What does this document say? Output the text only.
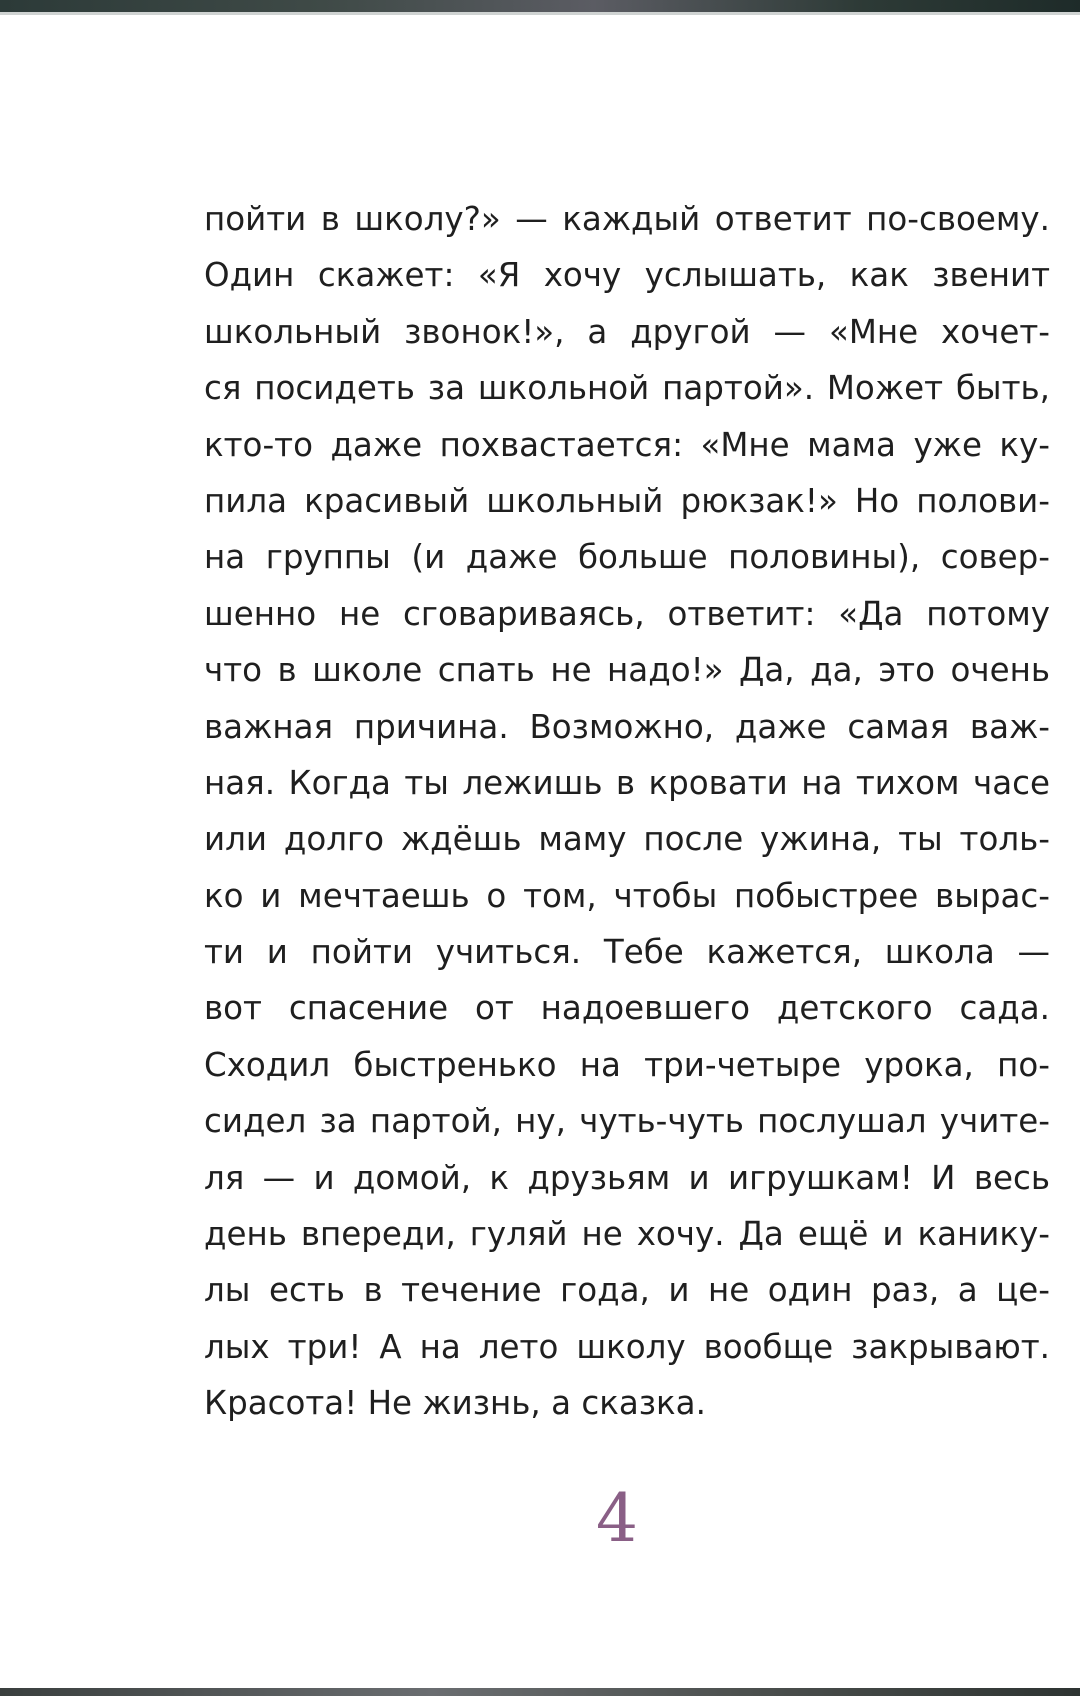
пойти в школу?» — каждый ответит по-своему.
Один скажет: «Я хочу услышать, как звенит
школьный звонок!», а другой — «Мне хочет-
ся посидеть за школьной партой». Может быть,
кто-то даже похвастается: «Мне мама уже ку-
пила красивый школьный рюкзак!» Но полови-
на группы (и даже больше половины), совер-
шенно не сговариваясь, ответит: «Да потому
что в школе спать не надо!» Да, да, это очень
важная причина. Возможно, даже самая важ-
ная. Когда ты лежишь в кровати на тихом часе
или долго ждёшь маму после ужина, ты толь-
ко и мечтаешь о том, чтобы побыстрее вырас-
ти и пойти учиться. Тебе кажется, школа —
вот спасение от надоевшего детского сада.
Сходил быстренько на три-четыре урока, по-
сидел за партой, ну, чуть-чуть послушал учите-
ля — и домой, к друзьям и игрушкам! И весь
день впереди, гуляй не хочу. Да ещё и канику-
лы есть в течение года, и не один раз, а це-
лых три! А на лето школу вообще закрывают.
Красота! Не жизнь, а сказка.
4
